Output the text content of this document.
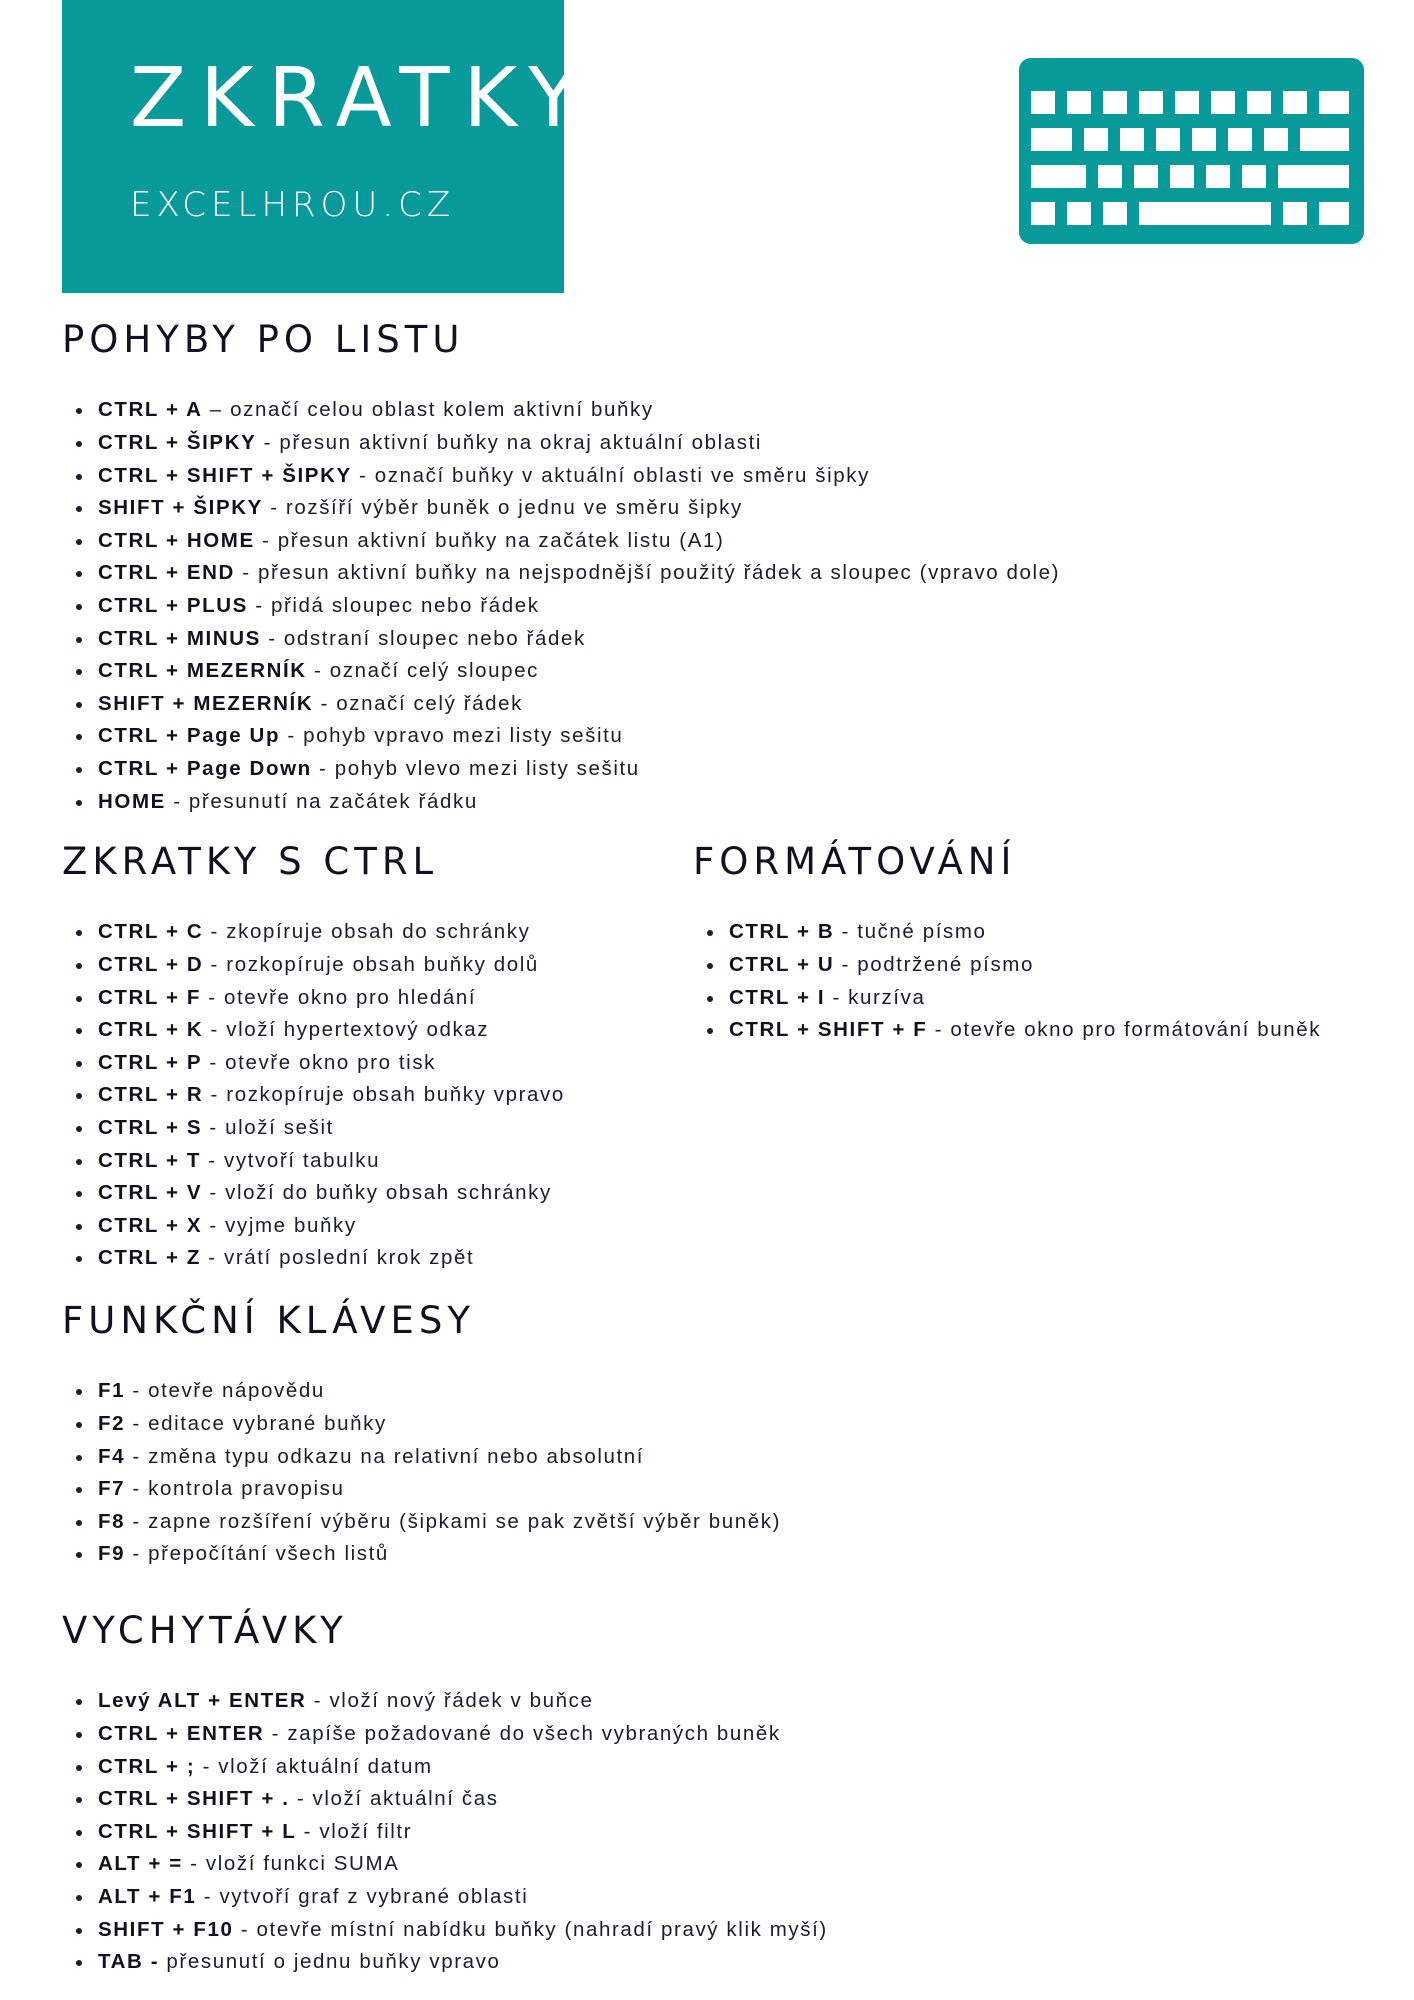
ZKRATKY
EXCELHROU.CZ
POHYBY PO LISTU
CTRL + A – označí celou oblast kolem aktivní buňky
CTRL + ŠIPKY - přesun aktivní buňky na okraj aktuální oblasti
CTRL + SHIFT + ŠIPKY - označí buňky v aktuální oblasti ve směru šipky
SHIFT + ŠIPKY - rozšíří výběr buněk o jednu ve směru šipky
CTRL + HOME - přesun aktivní buňky na začátek listu (A1)
CTRL + END - přesun aktivní buňky na nejspodnější použitý řádek a sloupec (vpravo dole)
CTRL + PLUS - přidá sloupec nebo řádek
CTRL + MINUS - odstraní sloupec nebo řádek
CTRL + MEZERNÍK - označí celý sloupec
SHIFT + MEZERNÍK - označí celý řádek
CTRL + Page Up - pohyb vpravo mezi listy sešitu
CTRL + Page Down - pohyb vlevo mezi listy sešitu
HOME - přesunutí na začátek řádku
ZKRATKY S CTRL
CTRL + C - zkopíruje obsah do schránky
CTRL + D - rozkopíruje obsah buňky dolů
CTRL + F - otevře okno pro hledání
CTRL + K - vloží hypertextový odkaz
CTRL + P - otevře okno pro tisk
CTRL + R - rozkopíruje obsah buňky vpravo
CTRL + S - uloží sešit
CTRL + T - vytvoří tabulku
CTRL + V - vloží do buňky obsah schránky
CTRL + X - vyjme buňky
CTRL + Z - vrátí poslední krok zpět
FORMÁTOVÁNÍ
CTRL + B - tučné písmo
CTRL + U - podtržené písmo
CTRL + I - kurzíva
CTRL + SHIFT + F - otevře okno pro formátování buněk
FUNKČNÍ KLÁVESY
F1 - otevře nápovědu
F2 - editace vybrané buňky
F4 - změna typu odkazu na relativní nebo absolutní
F7 - kontrola pravopisu
F8 - zapne rozšíření výběru (šipkami se pak zvětší výběr buněk)
F9 - přepočítání všech listů
VYCHYTÁVKY
Levý ALT + ENTER - vloží nový řádek v buňce
CTRL + ENTER - zapíše požadované do všech vybraných buněk
CTRL + ; - vloží aktuální datum
CTRL + SHIFT + . - vloží aktuální čas
CTRL + SHIFT + L - vloží filtr
ALT + = - vloží funkci SUMA
ALT + F1 - vytvoří graf z vybrané oblasti
SHIFT + F10 - otevře místní nabídku buňky (nahradí pravý klik myší)
TAB - přesunutí o jednu buňky vpravo
